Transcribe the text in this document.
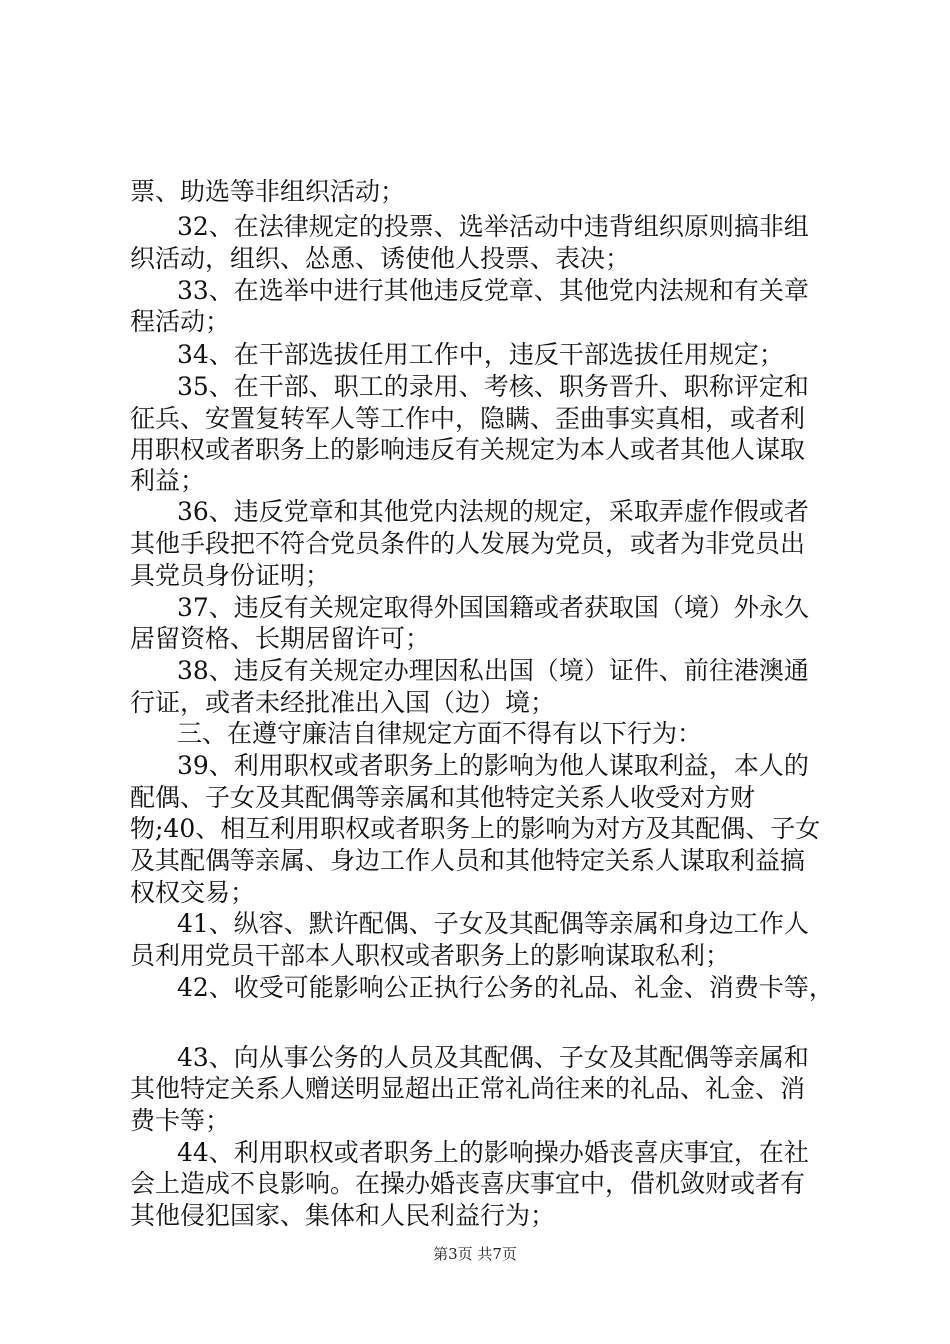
票、助选等非组织活动；
32、在法律规定的投票、选举活动中违背组织原则搞非组
织活动，组织、怂恿、诱使他人投票、表决；
33、在选举中进行其他违反党章、其他党内法规和有关章
程活动；
34、在干部选拔任用工作中，违反干部选拔任用规定；
35、在干部、职工的录用、考核、职务晋升、职称评定和
征兵、安置复转军人等工作中，隐瞒、歪曲事实真相，或者利
用职权或者职务上的影响违反有关规定为本人或者其他人谋取
利益；
36、违反党章和其他党内法规的规定，采取弄虚作假或者
其他手段把不符合党员条件的人发展为党员，或者为非党员出
具党员身份证明；
37、违反有关规定取得外国国籍或者获取国（境）外永久
居留资格、长期居留许可；
38、违反有关规定办理因私出国（境）证件、前往港澳通
行证，或者未经批准出入国（边）境；
三、在遵守廉洁自律规定方面不得有以下行为：
39、利用职权或者职务上的影响为他人谋取利益，本人的
配偶、子女及其配偶等亲属和其他特定关系人收受对方财
物;40、相互利用职权或者职务上的影响为对方及其配偶、子女
及其配偶等亲属、身边工作人员和其他特定关系人谋取利益搞
权权交易；
41、纵容、默许配偶、子女及其配偶等亲属和身边工作人
员利用党员干部本人职权或者职务上的影响谋取私利；
42、收受可能影响公正执行公务的礼品、礼金、消费卡等，
43、向从事公务的人员及其配偶、子女及其配偶等亲属和
其他特定关系人赠送明显超出正常礼尚往来的礼品、礼金、消
费卡等；
44、利用职权或者职务上的影响操办婚丧喜庆事宜，在社
会上造成不良影响。在操办婚丧喜庆事宜中，借机敛财或者有
其他侵犯国家、集体和人民利益行为；
第3页 共7页
